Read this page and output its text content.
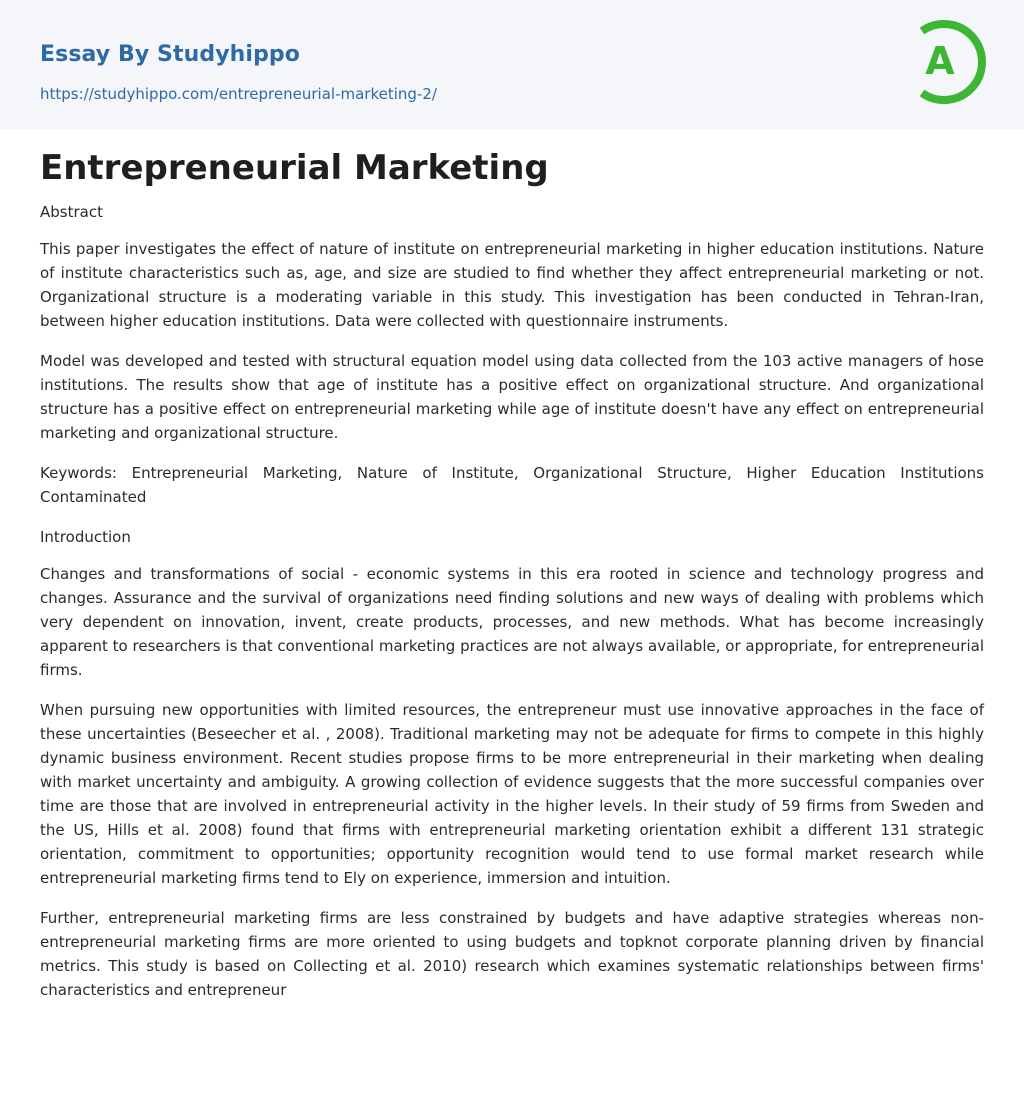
Essay By Studyhippo
https://studyhippo.com/entrepreneurial-marketing-2/
A
Entrepreneurial Marketing
Abstract

This paper investigates the effect of nature of institute on entrepreneurial marketing in higher education institutions. Nature of institute characteristics such as, age, and size are studied to find whether they affect entrepreneurial marketing or not. Organizational structure is a moderating variable in this study. This investigation has been conducted in Tehran-Iran, between higher education institutions. Data were collected with questionnaire instruments.

Model was developed and tested with structural equation model using data collected from the 103 active managers of hose institutions. The results show that age of institute has a positive effect on organizational structure. And organizational structure has a positive effect on entrepreneurial marketing while age of institute doesn't have any effect on entrepreneurial marketing and organizational structure.

Keywords: Entrepreneurial Marketing, Nature of Institute, Organizational Structure, Higher Education Institutions Contaminated

Introduction

Changes and transformations of social - economic systems in this era rooted in science and technology progress and changes. Assurance and the survival of organizations need finding solutions and new ways of dealing with problems which very dependent on innovation, invent, create products, processes, and new methods. What has become increasingly apparent to researchers is that conventional marketing practices are not always available, or appropriate, for entrepreneurial firms.

When pursuing new opportunities with limited resources, the entrepreneur must use innovative approaches in the face of these uncertainties (Beseecher et al. , 2008). Traditional marketing may not be adequate for firms to compete in this highly dynamic business environment. Recent studies propose firms to be more entrepreneurial in their marketing when dealing with market uncertainty and ambiguity. A growing collection of evidence suggests that the more successful companies over time are those that are involved in entrepreneurial activity in the higher levels. In their study of 59 firms from Sweden and the US, Hills et al. 2008) found that firms with entrepreneurial marketing orientation exhibit a different 131 strategic orientation, commitment to opportunities; opportunity recognition would tend to use formal market research while entrepreneurial marketing firms tend to Ely on experience, immersion and intuition.

Further, entrepreneurial marketing firms are less constrained by budgets and have adaptive strategies whereas non- entrepreneurial marketing firms are more oriented to using budgets and topknot corporate planning driven by financial metrics. This study is based on Collecting et al. 2010) research which examines systematic relationships between firms' characteristics and entrepreneur
